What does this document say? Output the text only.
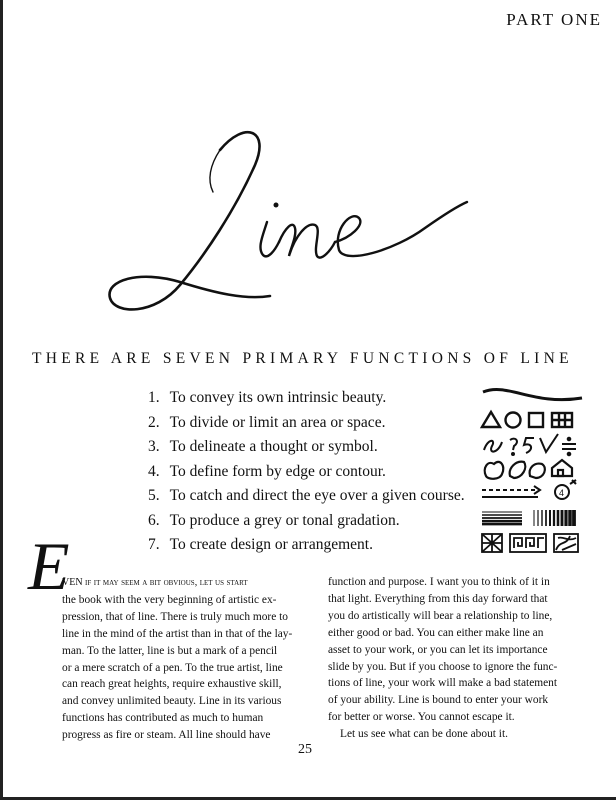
PART ONE
THERE ARE SEVEN PRIMARY FUNCTIONS OF LINE
1. To convey its own intrinsic beauty.
2. To divide or limit an area or space.
3. To delineate a thought or symbol.
4. To define form by edge or contour.
5. To catch and direct the eye over a given course.
6. To produce a grey or tonal gradation.
7. To create design or arrangement.
4
E

VEN if it may seem a bit obvious, let us start

the book with the very beginning of artistic ex-

pression, that of line. There is truly much more to

line in the mind of the artist than in that of the lay-

man. To the latter, line is but a mark of a pencil

or a mere scratch of a pen. To the true artist, line

can reach great heights, require exhaustive skill,

and convey unlimited beauty. Line in its various

functions has contributed as much to human

progress as fire or steam. All line should have

function and purpose. I want you to think of it in

that light. Everything from this day forward that

you do artistically will bear a relationship to line,

either good or bad. You can either make line an

asset to your work, or you can let its importance

slide by you. But if you choose to ignore the func-

tions of line, your work will make a bad statement

of your ability. Line is bound to enter your work

for better or worse. You cannot escape it.

Let us see what can be done about it.

25
